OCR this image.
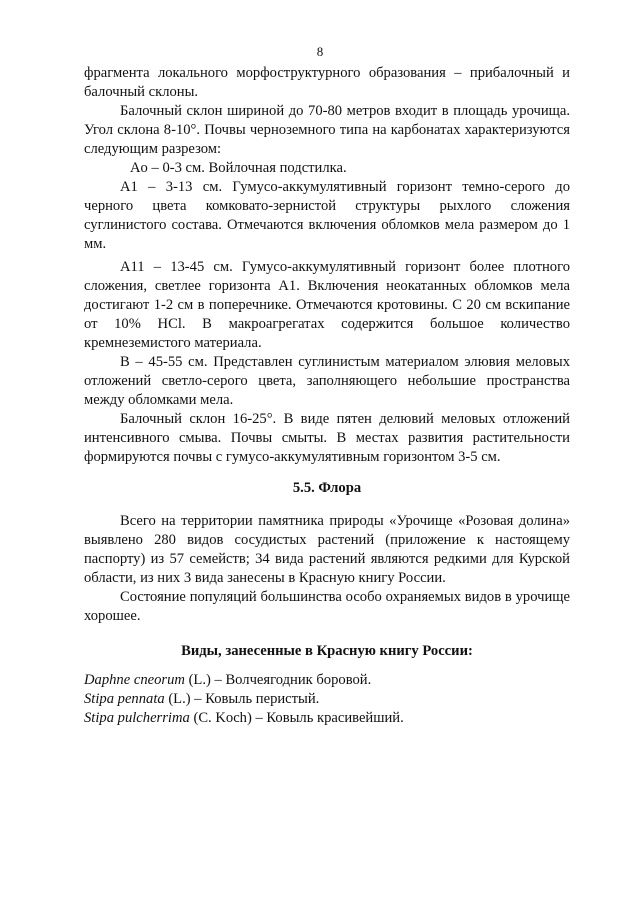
8

фрагмента локального морфоструктурного образования – прибалочный и балочный склоны.

Балочный склон шириной до 70-80 метров входит в площадь урочища. Угол склона 8-10°. Почвы черноземного типа на карбонатах характеризуются следующим разрезом:

Ao – 0-3 см. Войлочная подстилка.

A1 – 3-13 см. Гумусо-аккумулятивный горизонт темно-серого до черного цвета комковато-зернистой структуры рыхлого сложения суглинистого состава. Отмечаются включения обломков мела размером до 1 мм.

A11 – 13-45 см. Гумусо-аккумулятивный горизонт более плотного сложения, светлее горизонта A1. Включения неокатанных обломков мела достигают 1-2 см в поперечнике. Отмечаются кротовины. С 20 см вскипание от 10% HCl. В макроагрегатах содержится большое количество кремнеземистого материала.

В – 45-55 см. Представлен суглинистым материалом элювия меловых отложений светло-серого цвета, заполняющего небольшие пространства между обломками мела.

Балочный склон 16-25°. В виде пятен делювий меловых отложений интенсивного смыва. Почвы смыты. В местах развития растительности формируются почвы с гумусо-аккумулятивным горизонтом 3-5 см.

5.5. Флора

Всего на территории памятника природы «Урочище «Розовая долина» выявлено 280 видов сосудистых растений (приложение к настоящему паспорту) из 57 семейств; 34 вида растений являются редкими для Курской области, из них 3 вида занесены в Красную книгу России.

Состояние популяций большинства особо охраняемых видов в урочище хорошее.

Виды, занесенные в Красную книгу России:

Daphne cneorum (L.) – Волчеягодник боровой.

Stipa pennata (L.) – Ковыль перистый.

Stipa pulcherrima (C. Koch) – Ковыль красивейший.
